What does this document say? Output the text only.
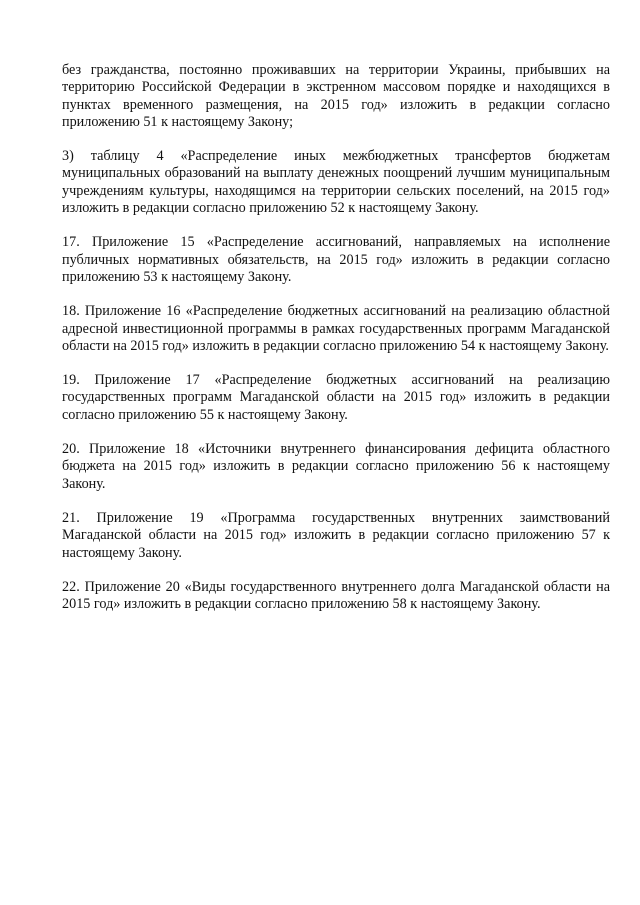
без гражданства, постоянно проживавших на территории Украины, прибывших на территорию Российской Федерации в экстренном массовом порядке и находящихся в пунктах временного размещения, на 2015 год» изложить в редакции согласно приложению 51 к настоящему Закону;

3) таблицу 4 «Распределение иных межбюджетных трансфертов бюджетам муниципальных образований на выплату денежных поощрений лучшим муниципальным учреждениям культуры, находящимся на территории сельских поселений, на 2015 год» изложить в редакции согласно приложению 52 к настоящему Закону.

17. Приложение 15 «Распределение ассигнований, направляемых на исполнение публичных нормативных обязательств, на 2015 год» изложить в редакции согласно приложению 53 к настоящему Закону.

18. Приложение 16 «Распределение бюджетных ассигнований на реализацию областной адресной инвестиционной программы в рамках государственных программ Магаданской области на 2015 год» изложить в редакции согласно приложению 54 к настоящему Закону.

19. Приложение 17 «Распределение бюджетных ассигнований на реализацию государственных программ Магаданской области на 2015 год» изложить в редакции согласно приложению 55 к настоящему Закону.

20. Приложение 18 «Источники внутреннего финансирования дефицита областного бюджета на 2015 год» изложить в редакции согласно приложению 56 к настоящему Закону.

21. Приложение 19 «Программа государственных внутренних заимствований Магаданской области на 2015 год» изложить в редакции согласно приложению 57 к настоящему Закону.

22. Приложение 20 «Виды государственного внутреннего долга Магаданской области на 2015 год» изложить в редакции согласно приложению 58 к настоящему Закону.
